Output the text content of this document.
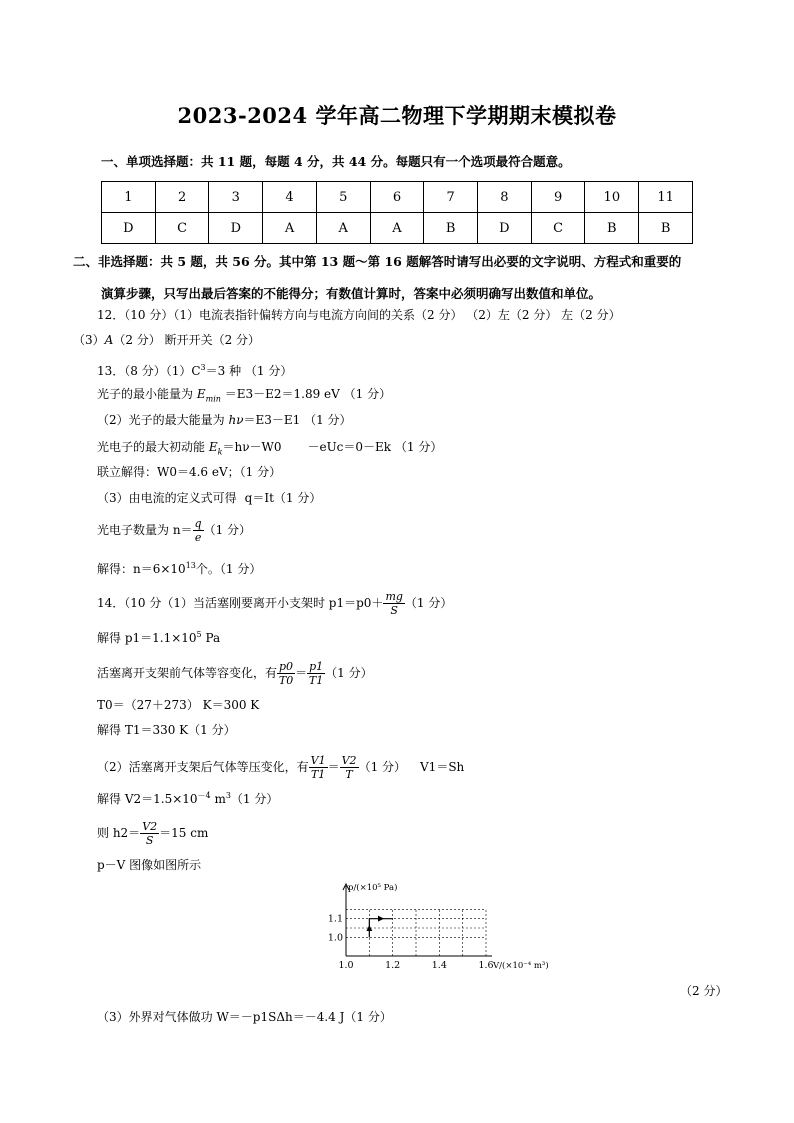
2023-2024 学年高二物理下学期期末模拟卷
一、单项选择题：共 11 题，每题 4 分，共 44 分。每题只有一个选项最符合题意。
1	2	3	4	5	6	7	8	9	10	11
D	C	D	A	A	A	B	D	C	B	B
二、非选择题：共 5 题，共 56 分。其中第 13 题～第 16 题解答时请写出必要的文字说明、方程式和重要的
演算步骤，只写出最后答案的不能得分；有数值计算时，答案中必须明确写出数值和单位。
12．（10 分）（1）电流表指针偏转方向与电流方向间的关系（2 分） （2）左（2 分） 左（2 分）
（3）A（2 分） 断开开关（2 分）
13．（8 分）$(1)C^3=3$ 种 （1 分）
光子的最小能量为 $E_{min} =E3-E2=1.89$ eV （1 分）
（2）光子的最大能量为 hν＝E3－E1 （1 分）
光电子的最大初动能 $E_k=h\nu-W0 -eUc=0-Ek$ （1 分）
联立解得：W0＝4.6 eV；（1 分）
（3）由电流的定义式可得 q＝It（1 分）
光电子数量为 $n= \frac{q}{e} (1$ 分）
解得：$n=6\times 10^{13}$个。（1 分）
14．（10 分（1）当活塞刚要离开小支架时 $p1=p0+ \frac{mg}{S} (1$ 分）
解得 $p1=1.1\times 10^5$ Pa
活塞离开支架前气体等容变化，有 $\frac{p0}{T0} = \frac{p1}{T1} (1$ 分）
T0＝（27＋273） K＝300 K
解得 T1＝330 K（1 分）
（2）活塞离开支架后气体等压变化，有 $\frac{V1}{T1} = \frac{V2}{T} (1$ 分） V1＝Sh
解得 $V2=1.5\times 10^{-4}$ $m^3(1$ 分）
则 $h2= \frac{V2}{S} =15$ cm
p－V 图像如图所示
p/(×10⁵ Pa)
V/(×10⁻⁴ m³)
1.0	1.2	1.4	1.6
1.0
1.1
（2 分）
（3）外界对气体做功 W＝－p1SΔh＝－4.4 J（1 分）
